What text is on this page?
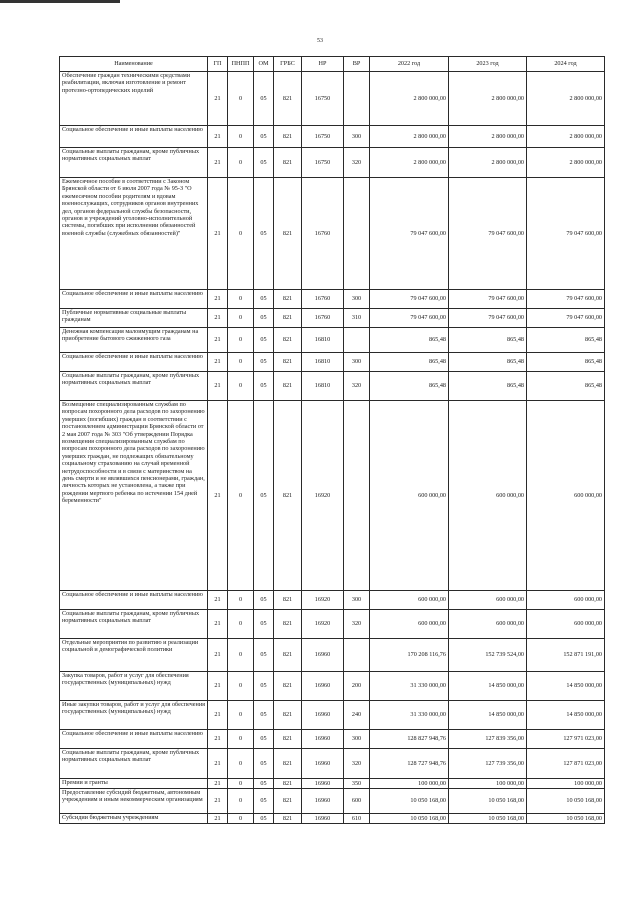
53
Наименование	ГП	ПНПП	ОМ	ГРБС	НР	ВР	2022 год	2023 год	2024 год
Обеспечение граждан техническими средствами реабилитации, включая изготовление и ремонт протезно-ортопедических изделий	21	0	05	821	16750		2 800 000,00	2 800 000,00	2 800 000,00
Социальное обеспечение и иные выплаты населению	21	0	05	821	16750	300	2 800 000,00	2 800 000,00	2 800 000,00
Социальные выплаты гражданам, кроме публичных нормативных социальных выплат	21	0	05	821	16750	320	2 800 000,00	2 800 000,00	2 800 000,00
Ежемесячное пособие в соответствии с Законом Брянской области от 6 июля 2007 года № 95-З "О ежемесячном пособии родителям и вдовам военнослужащих, сотрудников органов внутренних дел, органов федеральной службы безопасности, органов и учреждений уголовно-исполнительной системы, погибших при исполнении обязанностей военной службы (служебных обязанностей)"	21	0	05	821	16760		79 047 600,00	79 047 600,00	79 047 600,00
Социальное обеспечение и иные выплаты населению	21	0	05	821	16760	300	79 047 600,00	79 047 600,00	79 047 600,00
Публичные нормативные социальные выплаты гражданам	21	0	05	821	16760	310	79 047 600,00	79 047 600,00	79 047 600,00
Денежная компенсация малоимущим гражданам на приобретение бытового сжиженного газа	21	0	05	821	16810		865,48	865,48	865,48
Социальное обеспечение и иные выплаты населению	21	0	05	821	16810	300	865,48	865,48	865,48
Социальные выплаты гражданам, кроме публичных нормативных социальных выплат	21	0	05	821	16810	320	865,48	865,48	865,48
Возмещение специализированным службам по вопросам похоронного дела расходов по захоронению умерших (погибших) граждан в соответствии с постановлением администрации Брянской области от 2 мая 2007 года № 303 "Об утверждении Порядка возмещения специализированным службам по вопросам похоронного дела расходов по захоронению умерших граждан, не подлежащих обязательному социальному страхованию на случай временной нетрудоспособности и в связи с материнством на день смерти и не являвшихся пенсионерами, граждан, личность которых не установлена, а также при рождении мертвого ребенка по истечении 154 дней беременности"	21	0	05	821	16920		600 000,00	600 000,00	600 000,00
Социальное обеспечение и иные выплаты населению	21	0	05	821	16920	300	600 000,00	600 000,00	600 000,00
Социальные выплаты гражданам, кроме публичных нормативных социальных выплат	21	0	05	821	16920	320	600 000,00	600 000,00	600 000,00
Отдельные мероприятия по развитию и реализации социальной и демографической политики	21	0	05	821	16960		170 208 116,76	152 739 524,00	152 871 191,00
Закупка товаров, работ и услуг для обеспечения государственных (муниципальных) нужд	21	0	05	821	16960	200	31 330 000,00	14 850 000,00	14 850 000,00
Иные закупки товаров, работ и услуг для обеспечения государственных (муниципальных) нужд	21	0	05	821	16960	240	31 330 000,00	14 850 000,00	14 850 000,00
Социальное обеспечение и иные выплаты населению	21	0	05	821	16960	300	128 827 948,76	127 839 356,00	127 971 023,00
Социальные выплаты гражданам, кроме публичных нормативных социальных выплат	21	0	05	821	16960	320	128 727 948,76	127 739 356,00	127 871 023,00
Премии и гранты	21	0	05	821	16960	350	100 000,00	100 000,00	100 000,00
Предоставление субсидий бюджетным, автономным учреждениям и иным некоммерческим организациям	21	0	05	821	16960	600	10 050 168,00	10 050 168,00	10 050 168,00
Субсидии бюджетным учреждениям	21	0	05	821	16960	610	10 050 168,00	10 050 168,00	10 050 168,00
